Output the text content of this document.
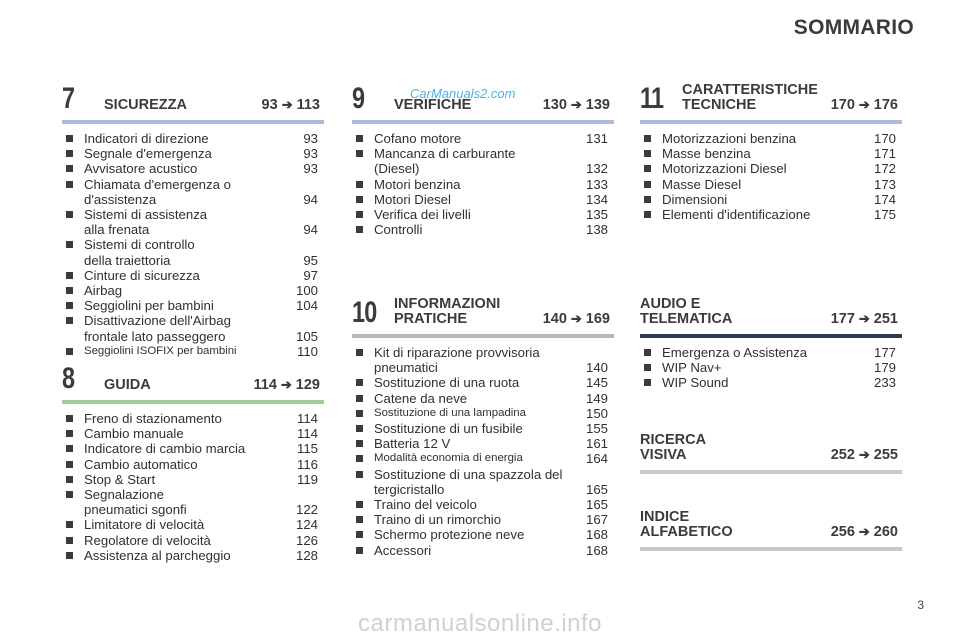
SOMMARIO
CarManuals2.com
7 SICUREZZA	93 ➔ 113
Indicatori di direzione	93
Segnale d'emergenza	93
Avvisatore acustico	93
Chiamata d'emergenza o d'assistenza	94
Sistemi di assistenza alla frenata	94
Sistemi di controllo della traiettoria	95
Cinture di sicurezza	97
Airbag	100
Seggiolini per bambini	104
Disattivazione dell'Airbag frontale lato passeggero	105
Seggiolini ISOFIX per bambini	110
8 GUIDA	114 ➔ 129
Freno di stazionamento	114
Cambio manuale	114
Indicatore di cambio marcia	115
Cambio automatico	116
Stop & Start	119
Segnalazione pneumatici sgonfi	122
Limitatore di velocità	124
Regolatore di velocità	126
Assistenza al parcheggio	128
9 VERIFICHE	130 ➔ 139
Cofano motore	131
Mancanza di carburante (Diesel)	132
Motori benzina	133
Motori Diesel	134
Verifica dei livelli	135
Controlli	138
10 INFORMAZIONI
PRATICHE	140 ➔ 169
Kit di riparazione provvisoria pneumatici	140
Sostituzione di una ruota	145
Catene da neve	149
Sostituzione di una lampadina	150
Sostituzione di un fusibile	155
Batteria 12 V	161
Modalità economia di energia	164
Sostituzione di una spazzola del tergicristallo	165
Traino del veicolo	165
Traino di un rimorchio	167
Schermo protezione neve	168
Accessori	168
11 CARATTERISTICHE
TECNICHE	170 ➔ 176
Motorizzazioni benzina	170
Masse benzina	171
Motorizzazioni Diesel	172
Masse Diesel	173
Dimensioni	174
Elementi d'identificazione	175
AUDIO E
TELEMATICA	177 ➔ 251
Emergenza o Assistenza	177
WIP Nav+	179
WIP Sound	233
RICERCA
VISIVA	252 ➔ 255
INDICE
ALFABETICO	256 ➔ 260
3
carmanualsonline.info
